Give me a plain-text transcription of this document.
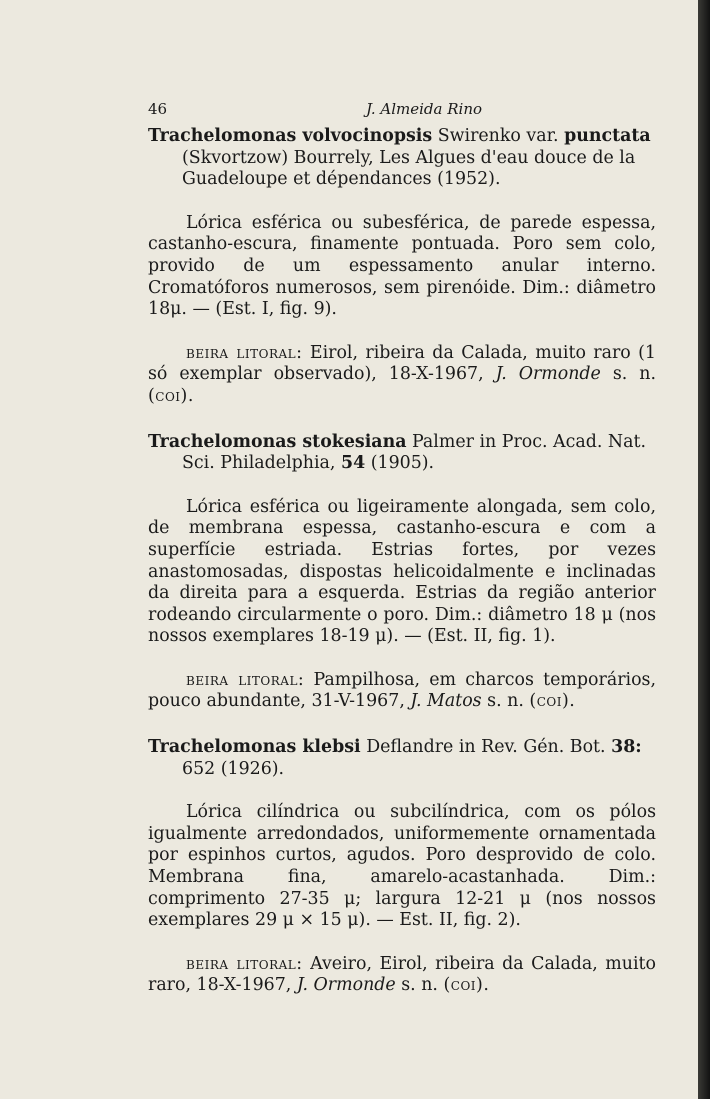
46	J. Almeida Rino

Trachelomonas volvocinopsis Swirenko var. punctata (Skvortzow) Bourrely, Les Algues d'eau douce de la Guadeloupe et dépendances (1952).

Lórica esférica ou subesférica, de parede espessa, castanho-escura, finamente pontuada. Poro sem colo, provido de um espessamento anular interno. Cromatóforos numerosos, sem pirenóide. Dim.: diâmetro 18μ. — (Est. I, fig. 9).

beira litoral: Eirol, ribeira da Calada, muito raro (1 só exemplar observado), 18-X-1967, J. Ormonde s. n. (coi).

Trachelomonas stokesiana Palmer in Proc. Acad. Nat. Sci. Philadelphia, 54 (1905).

Lórica esférica ou ligeiramente alongada, sem colo, de membrana espessa, castanho-escura e com a superfície estriada. Estrias fortes, por vezes anastomosadas, dispostas helicoidalmente e inclinadas da direita para a esquerda. Estrias da região anterior rodeando circularmente o poro. Dim.: diâmetro 18 μ (nos nossos exemplares 18-19 μ). — (Est. II, fig. 1).

beira litoral: Pampilhosa, em charcos temporários, pouco abundante, 31-V-1967, J. Matos s. n. (coi).

Trachelomonas klebsi Deflandre in Rev. Gén. Bot. 38: 652 (1926).

Lórica cilíndrica ou subcilíndrica, com os pólos igualmente arredondados, uniformemente ornamentada por espinhos curtos, agudos. Poro desprovido de colo. Membrana fina, amarelo-acastanhada. Dim.: comprimento 27-35 μ; largura 12-21 μ (nos nossos exemplares 29 μ × 15 μ). — Est. II, fig. 2).

beira litoral: Aveiro, Eirol, ribeira da Calada, muito raro, 18-X-1967, J. Ormonde s. n. (coi).
